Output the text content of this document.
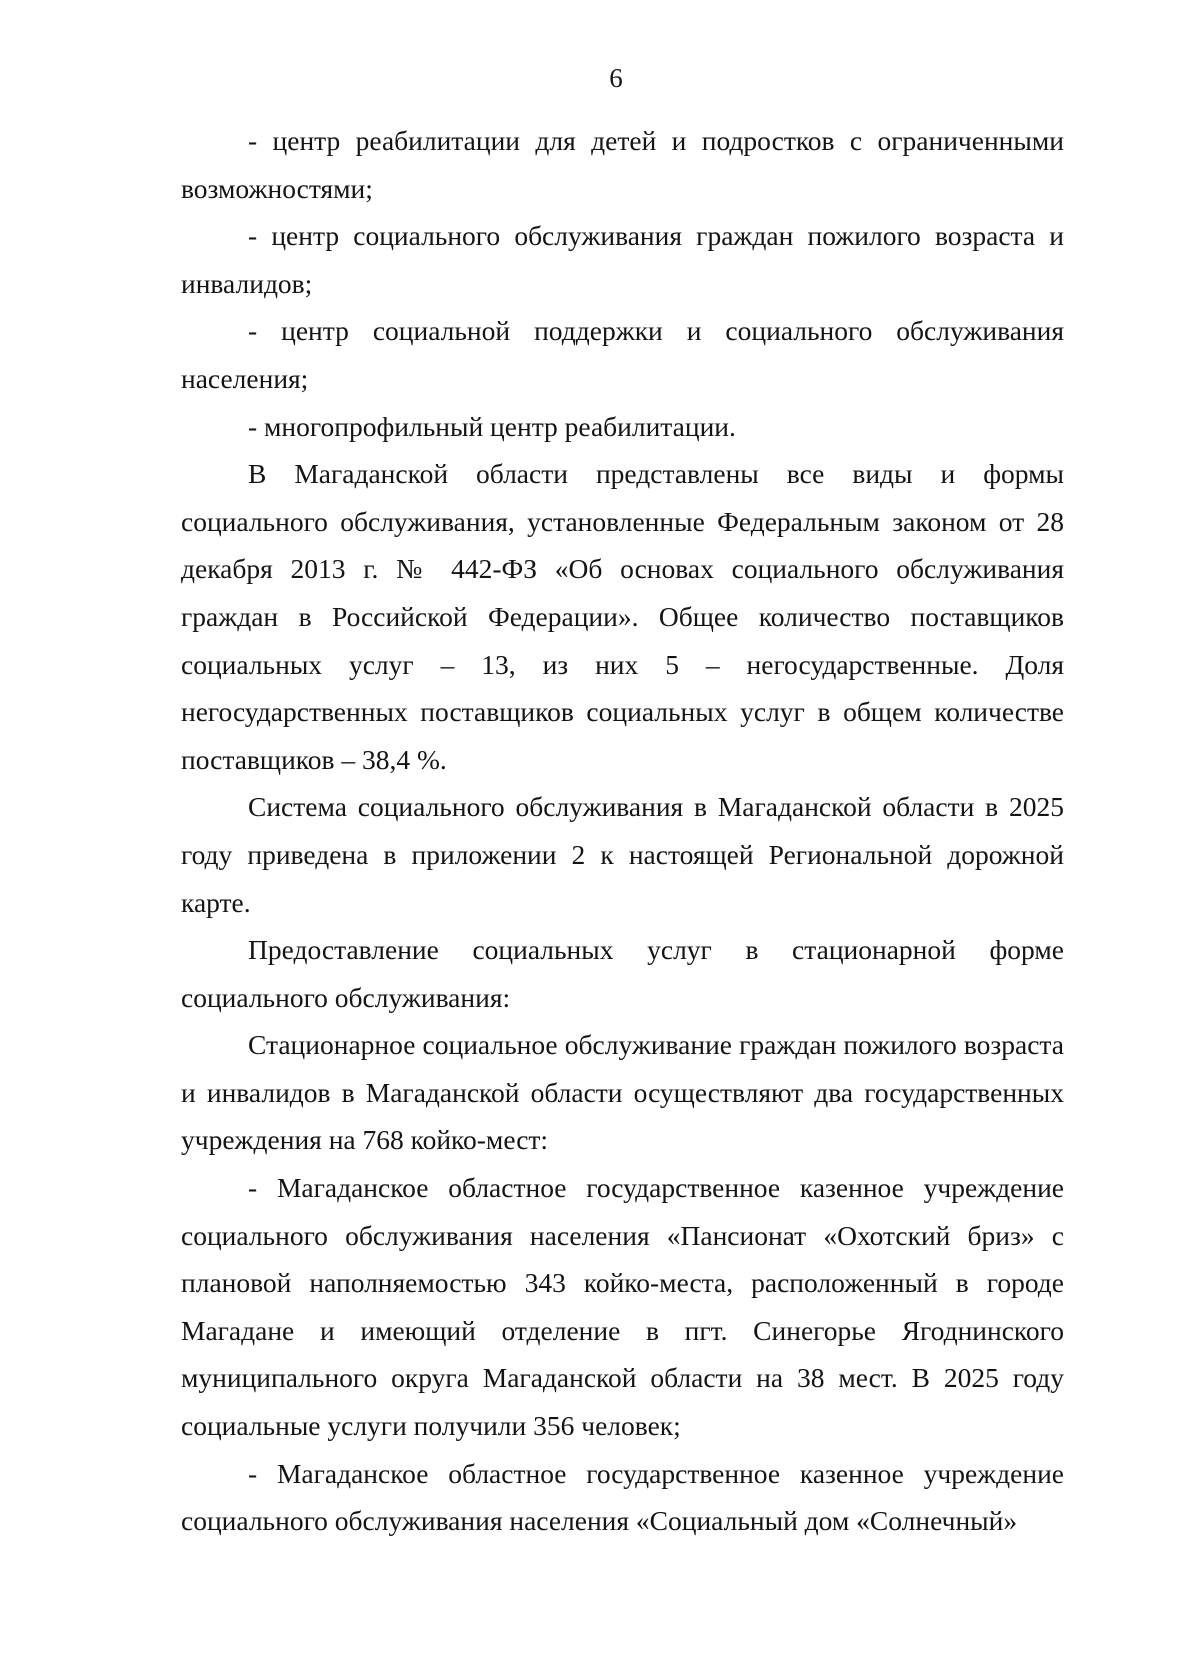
6

- центр реабилитации для детей и подростков с ограниченными возможностями;

- центр социального обслуживания граждан пожилого возраста и инвалидов;

- центр социальной поддержки и социального обслуживания населения;

- многопрофильный центр реабилитации.

В Магаданской области представлены все виды и формы социального обслуживания, установленные Федеральным законом от 28 декабря 2013 г. № 442-ФЗ «Об основах социального обслуживания граждан в Российской Федерации». Общее количество поставщиков социальных услуг – 13, из них 5 – негосударственные. Доля негосударственных поставщиков социальных услуг в общем количестве поставщиков – 38,4 %.

Система социального обслуживания в Магаданской области в 2025 году приведена в приложении 2 к настоящей Региональной дорожной карте.

Предоставление социальных услуг в стационарной форме социального обслуживания:

Стационарное социальное обслуживание граждан пожилого возраста и инвалидов в Магаданской области осуществляют два государственных учреждения на 768 койко-мест:

- Магаданское областное государственное казенное учреждение социального обслуживания населения «Пансионат «Охотский бриз» с плановой наполняемостью 343 койко-места, расположенный в городе Магадане и имеющий отделение в пгт. Синегорье Ягоднинского муниципального округа Магаданской области на 38 мест. В 2025 году социальные услуги получили 356 человек;

- Магаданское областное государственное казенное учреждение социального обслуживания населения «Социальный дом «Солнечный»
